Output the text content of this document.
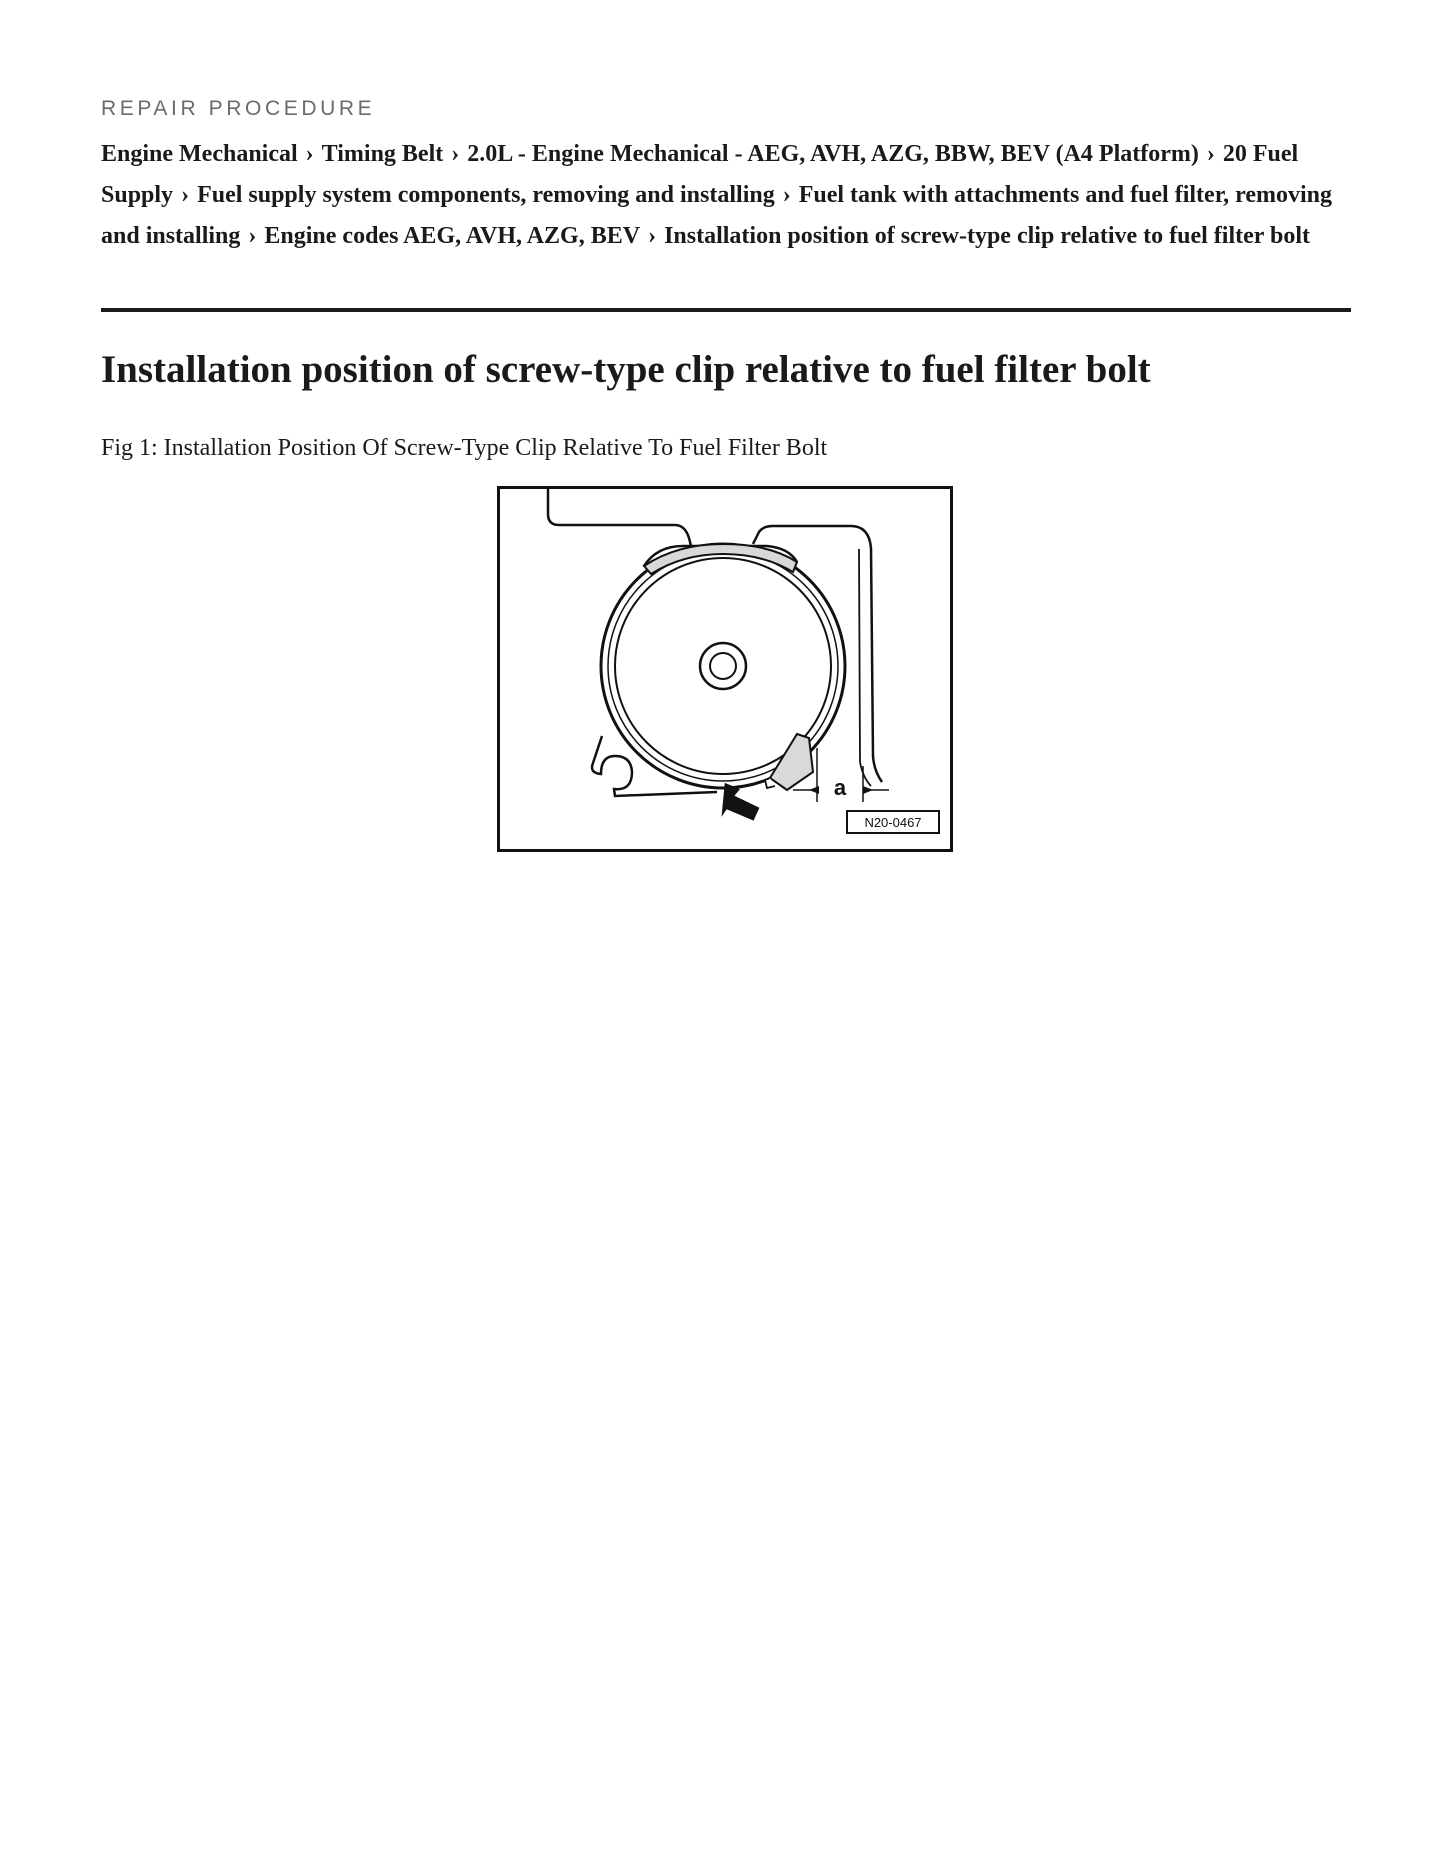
REPAIR PROCEDURE
Engine Mechanical › Timing Belt › 2.0L - Engine Mechanical - AEG, AVH, AZG, BBW, BEV (A4 Platform) › 20 Fuel Supply › Fuel supply system components, removing and installing › Fuel tank with attachments and fuel filter, removing and installing › Engine codes AEG, AVH, AZG, BEV › Installation position of screw-type clip relative to fuel filter bolt
Installation position of screw-type clip relative to fuel filter bolt
Fig 1: Installation Position Of Screw-Type Clip Relative To Fuel Filter Bolt
a
N20-0467
